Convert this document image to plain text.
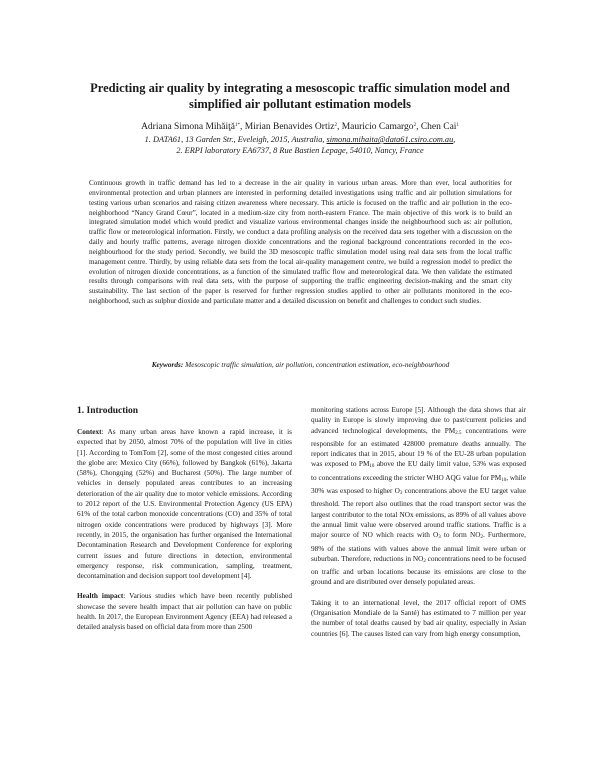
Predicting air quality by integrating a mesoscopic traffic simulation model and simplified air pollutant estimation models
Adriana Simona Mihăiţă$^{1*}$, Mirian Benavides Ortiz$^2$, Mauricio Camargo$^2$, Chen Cai$^1$
1. DATA61, 13 Garden Str., Eveleigh, 2015, Australia, simona.mihaita@data61.csiro.com.au,
2. ERPI laboratory EA6737, 8 Rue Bastien Lepage, 54010, Nancy, France

Continuous growth in traffic demand has led to a decrease in the air quality in various urban areas. More than ever, local authorities for environmental protection and urban planners are interested in performing detailed investigations using traffic and air pollution simulations for testing various urban scenarios and raising citizen awareness where necessary. This article is focused on the traffic and air pollution in the eco-neighborhood “Nancy Grand Cœur”, located in a medium-size city from north-eastern France. The main objective of this work is to build an integrated simulation model which would predict and visualize various environmental changes inside the neighbourhood such as: air pollution, traffic flow or meteorological information. Firstly, we conduct a data profiling analysis on the received data sets together with a discussion on the daily and hourly traffic patterns, average nitrogen dioxide concentrations and the regional background concentrations recorded in the eco-neighbourhood for the study period. Secondly, we build the 3D mesoscopic traffic simulation model using real data sets from the local traffic management centre. Thirdly, by using reliable data sets from the local air-quality management centre, we build a regression model to predict the evolution of nitrogen dioxide concentrations, as a function of the simulated traffic flow and meteorological data. We then validate the estimated results through comparisons with real data sets, with the purpose of supporting the traffic engineering decision-making and the smart city sustainability. The last section of the paper is reserved for further regression studies applied to other air pollutants monitored in the eco-neighborhood, such as sulphur dioxide and particulate matter and a detailed discussion on benefit and challenges to conduct such studies.

Keywords: Mesoscopic traffic simulation, air pollution, concentration estimation, eco-neighbourhood
1. Introduction

Context: As many urban areas have known a rapid increase, it is expected that by 2050, almost 70% of the population will live in cities [1]. According to TomTom [2], some of the most congested cities around the globe are: Mexico City (66%), followed by Bangkok (61%), Jakarta (58%), Chongqing (52%) and Bucharest (50%). The large number of vehicles in densely populated areas contributes to an increasing deterioration of the air quality due to motor vehicle emissions. According to 2012 report of the U.S. Environmental Protection Agency (US EPA) 61% of the total carbon monoxide concentrations (CO) and 35% of total nitrogen oxide concentrations were produced by highways [3]. More recently, in 2015, the organisation has further organised the International Decontamination Research and Development Conference for exploring current issues and future directions in detection, environmental emergency response, risk communication, sampling, treatment, decontamination and decision support tool development [4].

Health impact: Various studies which have been recently published showcase the severe health impact that air pollution can have on public health. In 2017, the European Environment Agency (EEA) had released a detailed analysis based on official data from more than 2500

monitoring stations across Europe [5]. Although the data shows that air quality in Europe is slowly improving due to past/current policies and advanced technological developments, the $PM_{2.5}$ concentrations were responsible for an estimated 428000 premature deaths annually. The report indicates that in 2015, about 19 % of the EU-28 urban population was exposed to $PM_{10}$ above the EU daily limit value, 53% was exposed to concentrations exceeding the stricter WHO AQG value for $PM_{10}$, while 30% was exposed to higher $O_3$ concentrations above the EU target value threshold. The report also outlines that the road transport sector was the largest contributor to the total NOx emissions, as 89% of all values above the annual limit value were observed around traffic stations. Traffic is a major source of NO which reacts with $O_3$ to form $NO_2$. Furthermore, 98% of the stations with values above the annual limit were urban or suburban. Therefore, reductions in $NO_2$ concentrations need to be focused on traffic and urban locations because its emissions are close to the ground and are distributed over densely populated areas.

Taking it to an international level, the 2017 official report of OMS (Organisation Mondiale de la Santé) has estimated to 7 million per year the number of total deaths caused by bad air quality, especially in Asian countries [6]. The causes listed can vary from high energy consumption,
